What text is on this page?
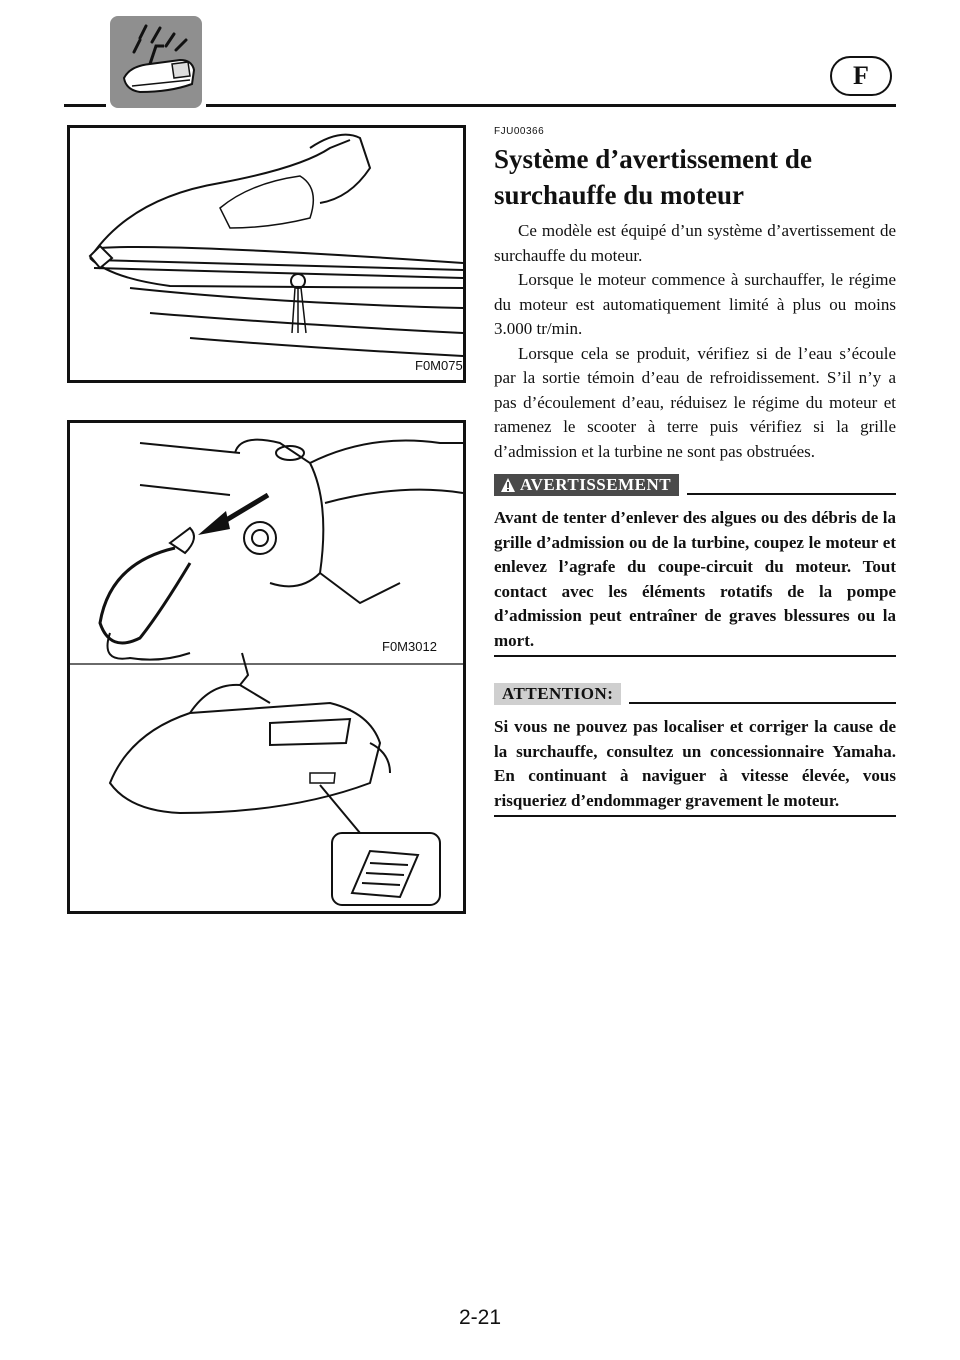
F
F0M075
F0M3012
FJU00366
Système d’avertissement de
surchauffe du moteur

Ce modèle est équipé d’un système d’avertissement de surchauffe du moteur.

Lorsque le moteur commence à surchauffer, le régime du moteur est automatiquement limité à plus ou moins 3.000 tr/min.

Lorsque cela se produit, vérifiez si de l’eau s’écoule par la sortie témoin d’eau de refroidissement. S’il n’y a pas d’écoulement d’eau, réduisez le régime du moteur et ramenez le scooter à terre puis vérifiez si la grille d’admission et la turbine ne sont pas obstruées.

AVERTISSEMENT

Avant de tenter d’enlever des algues ou des débris de la grille d’admission ou de la turbine, coupez le moteur et enlevez l’agrafe du coupe-circuit du moteur. Tout contact avec les éléments rotatifs de la pompe d’admission peut entraîner de graves blessures ou la mort.

ATTENTION:

Si vous ne pouvez pas localiser et corriger la cause de la surchauffe, consultez un concessionnaire Yamaha. En continuant à naviguer à vitesse élevée, vous risqueriez d’endommager gravement le moteur.

2-21
